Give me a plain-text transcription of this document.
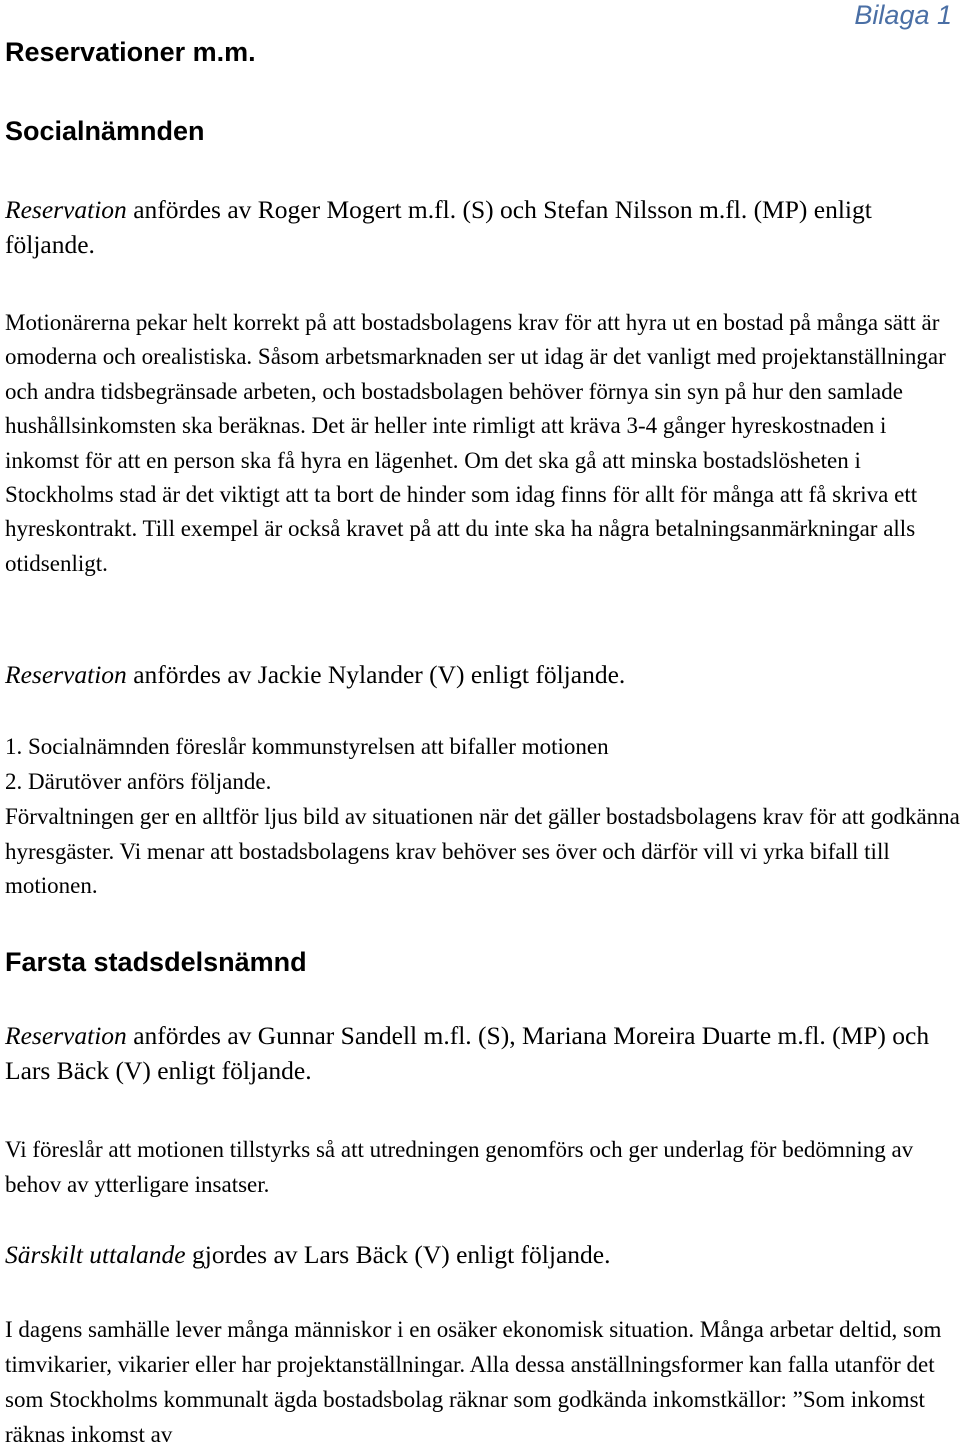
Bilaga 1
Reservationer m.m.
Socialnämnden

Reservation anfördes av Roger Mogert m.fl. (S) och Stefan Nilsson m.fl. (MP) enligt följande.

Motionärerna pekar helt korrekt på att bostadsbolagens krav för att hyra ut en bostad på många sätt är omoderna och orealistiska. Såsom arbetsmarknaden ser ut idag är det vanligt med projektanställningar och andra tidsbegränsade arbeten, och bostadsbolagen behöver förnya sin syn på hur den samlade hushållsinkomsten ska beräknas. Det är heller inte rimligt att kräva 3-4 gånger hyreskostnaden i inkomst för att en person ska få hyra en lägenhet. Om det ska gå att minska bostadslösheten i Stockholms stad är det viktigt att ta bort de hinder som idag finns för allt för många att få skriva ett hyreskontrakt. Till exempel är också kravet på att du inte ska ha några betalningsanmärkningar alls otidsenligt.

Reservation anfördes av Jackie Nylander (V) enligt följande.

1. Socialnämnden föreslår kommunstyrelsen att bifaller motionen

2. Därutöver anförs följande.

Förvaltningen ger en alltför ljus bild av situationen när det gäller bostadsbolagens krav för att godkänna hyresgäster. Vi menar att bostadsbolagens krav behöver ses över och därför vill vi yrka bifall till motionen.

Farsta stadsdelsnämnd

Reservation anfördes av Gunnar Sandell m.fl. (S), Mariana Moreira Duarte m.fl. (MP) och Lars Bäck (V) enligt följande.

Vi föreslår att motionen tillstyrks så att utredningen genomförs och ger underlag för bedömning av behov av ytterligare insatser.

Särskilt uttalande gjordes av Lars Bäck (V) enligt följande.

I dagens samhälle lever många människor i en osäker ekonomisk situation. Många arbetar deltid, som timvikarier, vikarier eller har projektanställningar. Alla dessa anställningsformer kan falla utanför det som Stockholms kommunalt ägda bostadsbolag räknar som godkända inkomstkällor: ”Som inkomst räknas inkomst av
